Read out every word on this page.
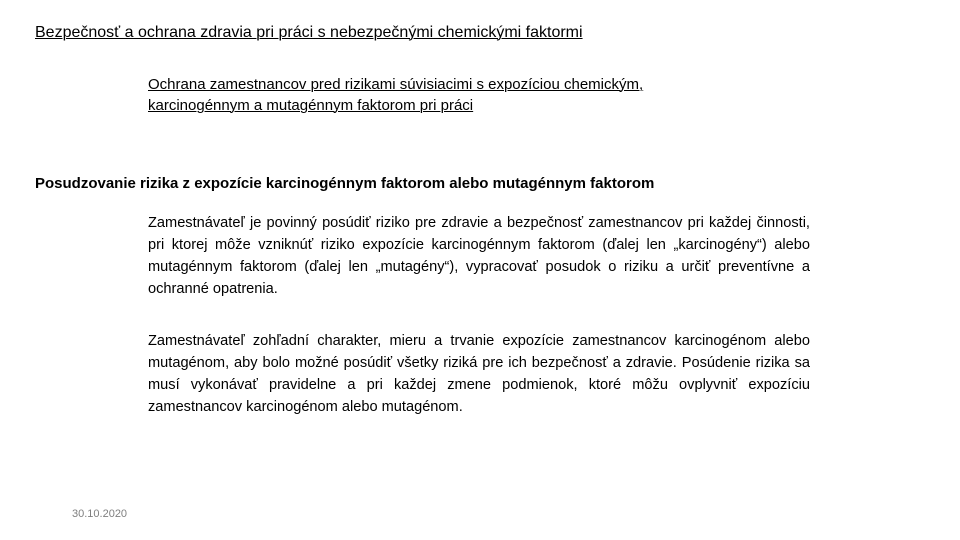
Bezpečnosť a ochrana zdravia pri práci s nebezpečnými chemickými faktormi
Ochrana zamestnancov pred rizikami súvisiacimi s expozíciou chemickým,
karcinogénnym a mutagénnym faktorom pri práci
Posudzovanie rizika z expozície karcinogénnym faktorom alebo mutagénnym faktorom

Zamestnávateľ je povinný posúdiť riziko pre zdravie a bezpečnosť zamestnancov pri každej činnosti, pri ktorej môže vzniknúť riziko expozície karcinogénnym faktorom (ďalej len „karcinogény“) alebo mutagénnym faktorom (ďalej len „mutagény“), vypracovať posudok o riziku a určiť preventívne a ochranné opatrenia.

Zamestnávateľ zohľadní charakter, mieru a trvanie expozície zamestnancov karcinogénom alebo mutagénom, aby bolo možné posúdiť všetky riziká pre ich bezpečnosť a zdravie. Posúdenie rizika sa musí vykonávať pravidelne a pri každej zmene podmienok, ktoré môžu ovplyvniť expozíciu zamestnancov karcinogénom alebo mutagénom.

30.10.2020
